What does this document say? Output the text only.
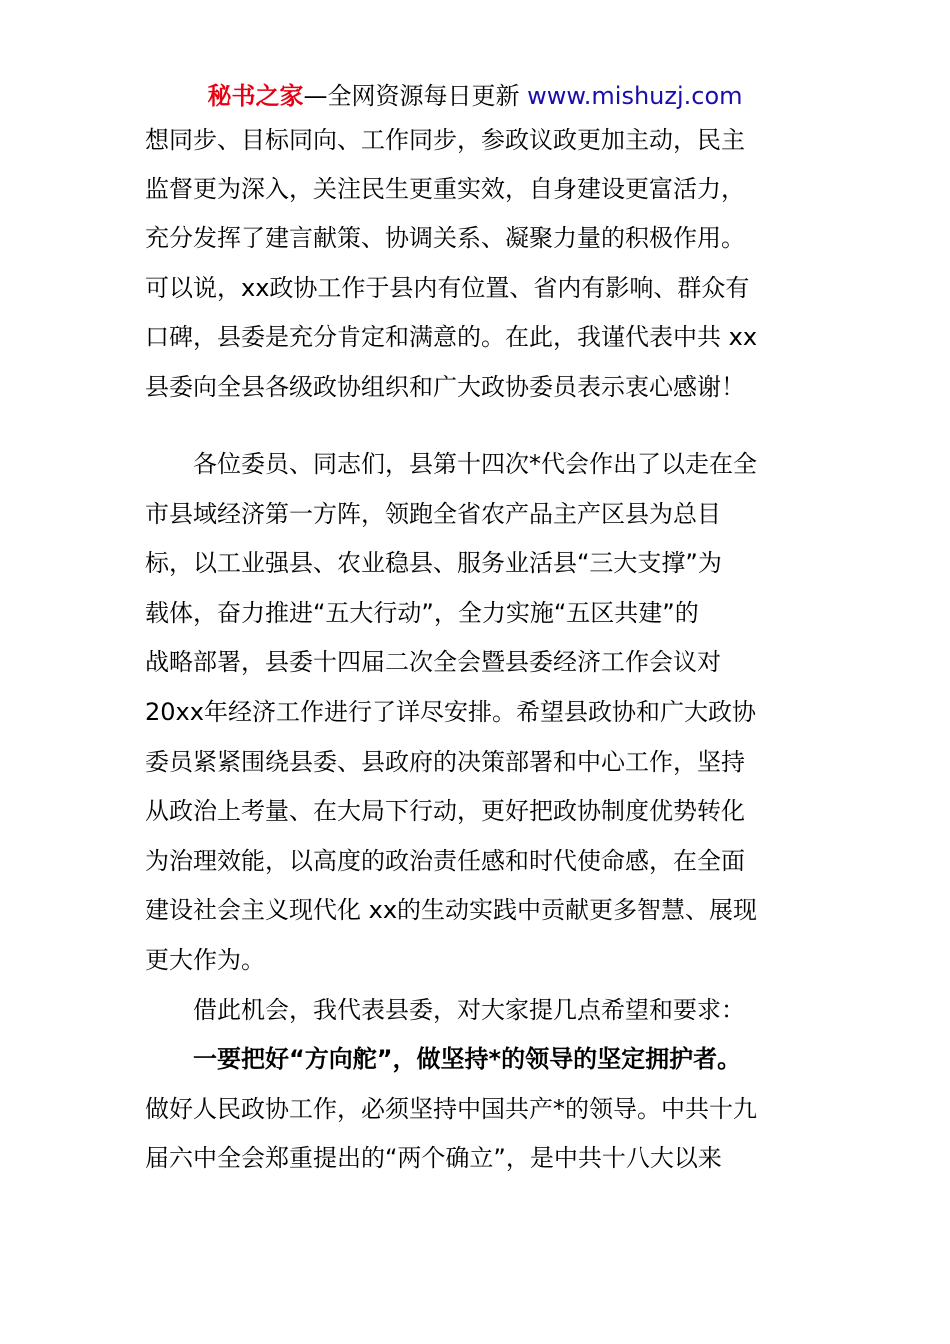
秘书之家—全网资源每日更新 www.mishuzj.com
想同步、目标同向、工作同步，参政议政更加主动，民主
监督更为深入，关注民生更重实效，自身建设更富活力，
充分发挥了建言献策、协调关系、凝聚力量的积极作用。
可以说，xx政协工作于县内有位置、省内有影响、群众有
口碑，县委是充分肯定和满意的。在此，我谨代表中共 xx
县委向全县各级政协组织和广大政协委员表示衷心感谢！
各位委员、同志们，县第十四次*代会作出了以走在全
市县域经济第一方阵，领跑全省农产品主产区县为总目
标，以工业强县、农业稳县、服务业活县“三大支撑”为
载体，奋力推进“五大行动”，全力实施“五区共建”的
战略部署，县委十四届二次全会暨县委经济工作会议对
20xx年经济工作进行了详尽安排。希望县政协和广大政协
委员紧紧围绕县委、县政府的决策部署和中心工作，坚持
从政治上考量、在大局下行动，更好把政协制度优势转化
为治理效能，以高度的政治责任感和时代使命感，在全面
建设社会主义现代化 xx的生动实践中贡献更多智慧、展现
更大作为。
借此机会，我代表县委，对大家提几点希望和要求：
一要把好“方向舵”，做坚持*的领导的坚定拥护者。
做好人民政协工作，必须坚持中国共产*的领导。中共十九
届六中全会郑重提出的“两个确立”，是中共十八大以来
